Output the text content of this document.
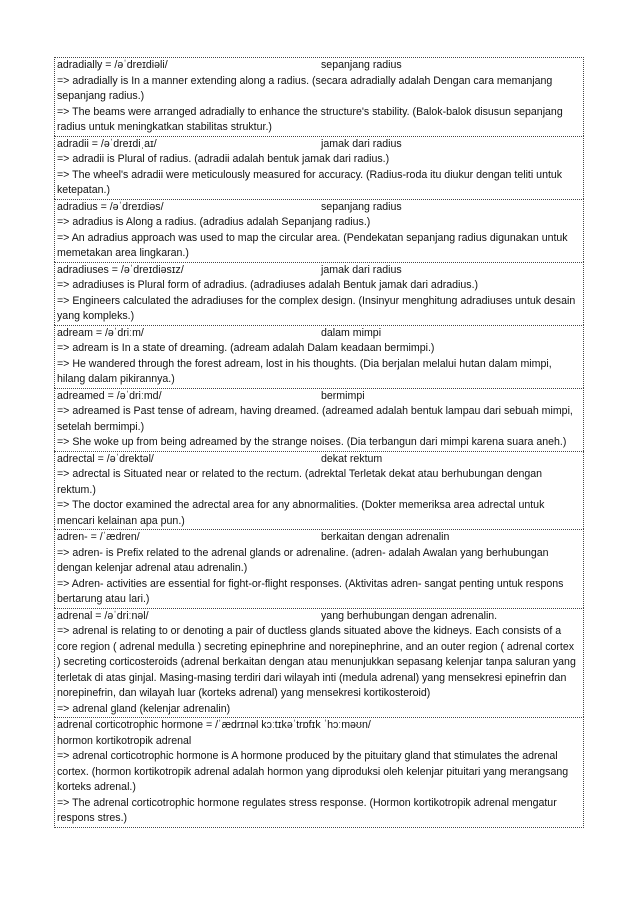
adradially = /əˈdreɪdiəli/	sepanjang radius
=> adradially is In a manner extending along a radius. (secara adradially adalah Dengan cara memanjang sepanjang radius.)
=> The beams were arranged adradially to enhance the structure's stability. (Balok-balok disusun sepanjang radius untuk meningkatkan stabilitas struktur.)
adradii = /əˈdreɪdiˌaɪ/	jamak dari radius
=> adradii is Plural of radius. (adradii adalah bentuk jamak dari radius.)
=> The wheel's adradii were meticulously measured for accuracy. (Radius-roda itu diukur dengan teliti untuk ketepatan.)
adradius = /əˈdreɪdiəs/	sepanjang radius
=> adradius is Along a radius. (adradius adalah Sepanjang radius.)
=> An adradius approach was used to map the circular area. (Pendekatan sepanjang radius digunakan untuk memetakan area lingkaran.)
adradiuses = /əˈdreɪdiəsɪz/	jamak dari radius
=> adradiuses is Plural form of adradius. (adradiuses adalah Bentuk jamak dari adradius.)
=> Engineers calculated the adradiuses for the complex design. (Insinyur menghitung adradiuses untuk desain yang kompleks.)
adream = /əˈdriːm/	dalam mimpi
=> adream is In a state of dreaming. (adream adalah Dalam keadaan bermimpi.)
=> He wandered through the forest adream, lost in his thoughts. (Dia berjalan melalui hutan dalam mimpi, hilang dalam pikirannya.)
adreamed = /əˈdriːmd/	bermimpi
=> adreamed is Past tense of adream, having dreamed. (adreamed adalah bentuk lampau dari sebuah mimpi, setelah bermimpi.)
=> She woke up from being adreamed by the strange noises. (Dia terbangun dari mimpi karena suara aneh.)
adrectal = /əˈdrektəl/	dekat rektum
=> adrectal is Situated near or related to the rectum. (adrektal Terletak dekat atau berhubungan dengan rektum.)
=> The doctor examined the adrectal area for any abnormalities. (Dokter memeriksa area adrectal untuk mencari kelainan apa pun.)
adren- = /ˈædren/	berkaitan dengan adrenalin
=> adren- is Prefix related to the adrenal glands or adrenaline. (adren- adalah Awalan yang berhubungan dengan kelenjar adrenal atau adrenalin.)
=> Adren- activities are essential for fight-or-flight responses. (Aktivitas adren- sangat penting untuk respons bertarung atau lari.)
adrenal = /əˈdriːnəl/	yang berhubungan dengan adrenalin.
=> adrenal is relating to or denoting a pair of ductless glands situated above the kidneys. Each consists of a core region ( adrenal medulla ) secreting epinephrine and norepinephrine, and an outer region ( adrenal cortex
) secreting corticosteroids (adrenal berkaitan dengan atau menunjukkan sepasang kelenjar tanpa saluran yang terletak di atas ginjal. Masing-masing terdiri dari wilayah inti (medula adrenal) yang mensekresi epinefrin dan norepinefrin, dan wilayah luar (korteks adrenal) yang mensekresi kortikosteroid)
=> adrenal gland (kelenjar adrenalin)
adrenal corticotrophic hormone = /ˈædrɪnəl kɔːtɪkəˈtrɒfɪk ˈhɔːməʊn/
hormon kortikotropik adrenal
=> adrenal corticotrophic hormone is A hormone produced by the pituitary gland that stimulates the adrenal cortex. (hormon kortikotropik adrenal adalah hormon yang diproduksi oleh kelenjar pituitari yang merangsang korteks adrenal.)
=> The adrenal corticotrophic hormone regulates stress response. (Hormon kortikotropik adrenal mengatur respons stres.)
